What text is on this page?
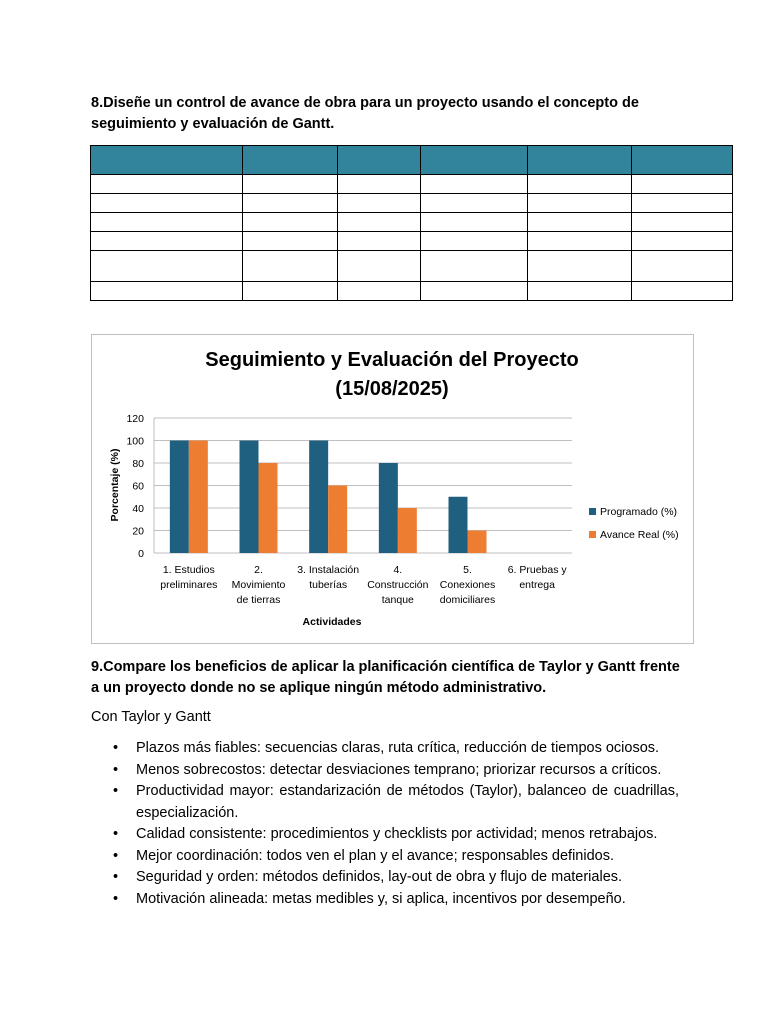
8.Diseñe un control de avance de obra para un proyecto usando el concepto de seguimiento y evaluación de Gantt.

Seguimiento y Evaluación del Proyecto
(15/08/2025)
0
20
40
60
80
100
120
1. Estudios preliminares
2. Movimiento de tierras
3. Instalación tuberías
4. Construcción tanque
5. Conexiones domiciliares
6. Pruebas y entrega
Actividades
Porcentaje (%)	Programado (%)
Avance Real (%)

9.Compare los beneficios de aplicar la planificación científica de Taylor y Gantt frente a un proyecto donde no se aplique ningún método administrativo.

Con Taylor y Gantt

• Plazos más fiables: secuencias claras, ruta crítica, reducción de tiempos ociosos.
• Menos sobrecostos: detectar desviaciones temprano; priorizar recursos a críticos.
• Productividad mayor: estandarización de métodos (Taylor), balanceo de cuadrillas, especialización.
• Calidad consistente: procedimientos y checklists por actividad; menos retrabajos.
• Mejor coordinación: todos ven el plan y el avance; responsables definidos.
• Seguridad y orden: métodos definidos, lay-out de obra y flujo de materiales.
• Motivación alineada: metas medibles y, si aplica, incentivos por desempeño.
